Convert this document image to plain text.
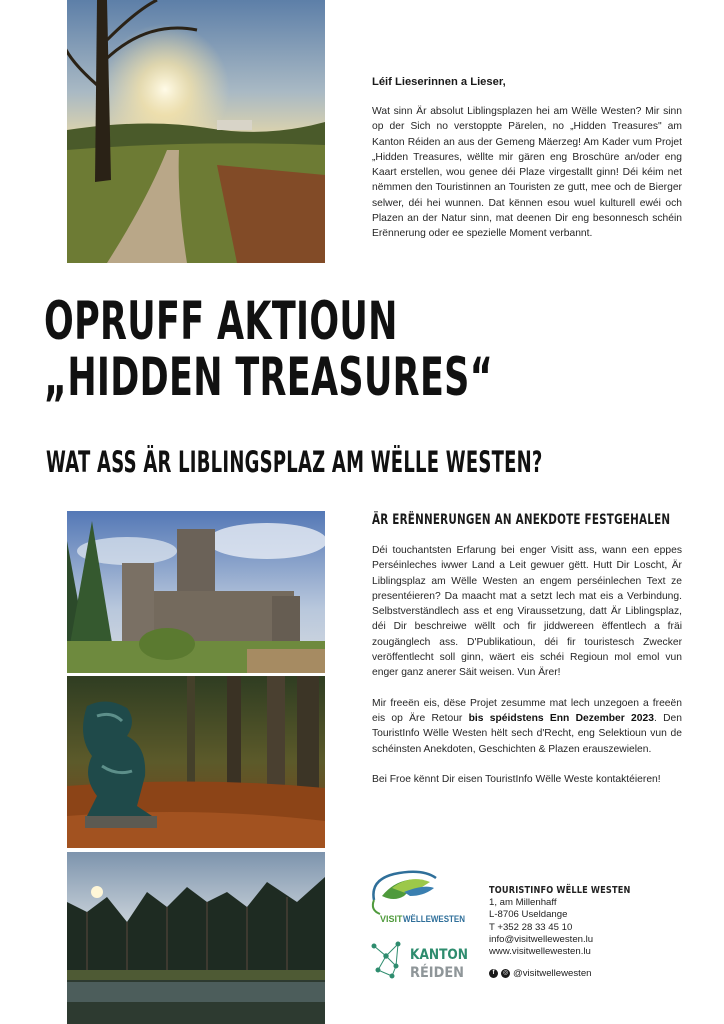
Léif Lieserinnen a Lieser,
Wat sinn Är absolut Liblingsplazen hei am Wëlle Westen? Mir sinn op der Sich no verstoppte Pärelen, no „Hidden Treasures" am Kanton Réiden an aus der Gemeng Mäerzeg! Am Kader vum Projet „Hidden Treasures, wëllte mir gären eng Broschüre an/oder eng Kaart erstellen, wou genee déi Plaze virgestallt ginn! Déi kéim net nëmmen den Touristinnen an Touristen ze gutt, mee och de Bierger selwer, déi hei wunnen. Dat kënnen esou wuel kulturell ewéi och Plazen an der Natur sinn, mat deenen Dir eng besonnesch schéin Erënnerung oder ee spezielle Moment verbannt.
OPRUFF AKTIOUN
„HIDDEN TREASURES“
WAT ASS ÄR LIBLINGSPLAZ AM WËLLE WESTEN?
ÄR ERËNNERUNGEN AN ANEKDOTE FESTGEHALEN

Déi touchantsten Erfarung bei enger Visitt ass, wann een eppes Perséinleches iwwer Land a Leit gewuer gëtt. Hutt Dir Loscht, Är Liblingsplaz am Wëlle Westen an engem perséinlechen Text ze presentéieren? Da maacht mat a setzt lech mat eis a Verbindung. Selbstverständlech ass et eng Viraussetzung, datt Är Liblingsplaz, déi Dir beschreiwe wëllt och fir jiddwereen ëffentlech a fräi zougänglech ass. D'Publikatioun, déi fir touristesch Zwecker veröffentlecht soll ginn, wäert eis schéi Regioun mol emol vun enger ganz anerer Säit weisen. Vun Ärer!

Mir freeën eis, dëse Projet zesumme mat lech unzegoen a freeën eis op Äre Retour bis spéidstens Enn Dezember 2023. Den TouristInfo Wëlle Westen hëlt sech d'Recht, eng Selektioun vun de schéinsten Anekdoten, Geschichten & Plazen erauszewielen.

Bei Froe kënnt Dir eisen TouristInfo Wëlle Weste kontaktéieren!

VISIT WËLLEWESTEN
KANTON
RÉIDEN
TOURISTINFO WËLLE WESTEN
1, am Millenhaff
L-8706 Useldange
T +352 28 33 45 10
info@visitwellewesten.lu
www.visitwellewesten.lu
f	◎ @visitwellewesten
